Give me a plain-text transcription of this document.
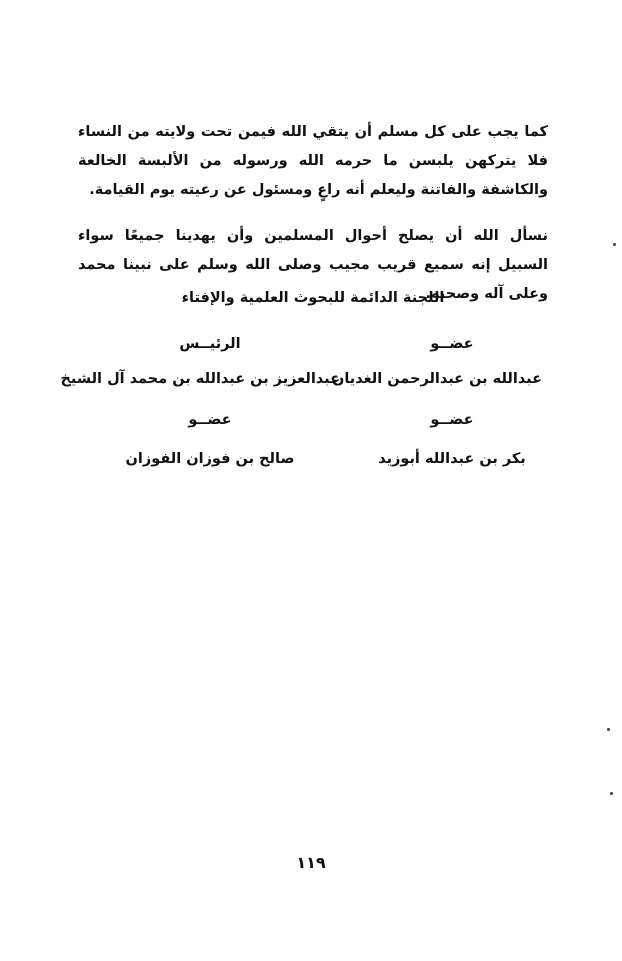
كما يجب على كل مسلم أن يتقي الله فيمن تحت ولايته من النساء فلا يتركهن يلبسن ما حرمه الله ورسوله من الألبسة الخالعة والكاشفة والفاتنة وليعلم أنه راعٍ ومسئول عن رعيته يوم القيامة.
نسأل الله أن يصلح أحوال المسلمين وأن يهدينا جميعًا سواء السبيل إنه سميع قريب مجيب وصلى الله وسلم على نبينا محمد وعلى آله وصحبه.
اللجنة الدائمة للبحوث العلمية والإفتاء
عضــو
الرئيــس
عبدالله بن عبدالرحمن الغديان
عبدالعزيز بن عبدالله بن محمد آل الشيخ
عضــو
عضــو
بكر بن عبدالله أبوزيد
صالح بن فوزان الفوزان
١١٩
